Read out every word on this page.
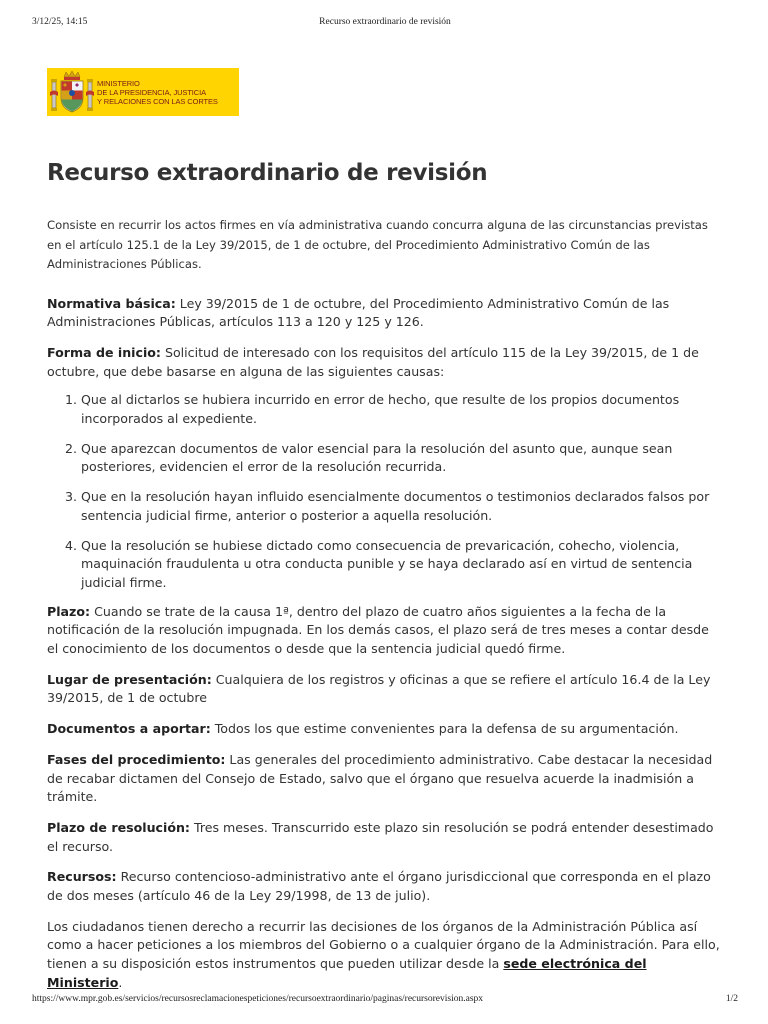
3/12/25, 14:15	Recurso extraordinario de revisión
MINISTERIO
DE LA PRESIDENCIA, JUSTICIA
Y RELACIONES CON LAS CORTES
Recurso extraordinario de revisión

Consiste en recurrir los actos firmes en vía administrativa cuando concurra alguna de las circunstancias previstas en el artículo 125.1 de la Ley 39/2015, de 1 de octubre, del Procedimiento Administrativo Común de las Administraciones Públicas.

Normativa básica: Ley 39/2015 de 1 de octubre, del Procedimiento Administrativo Común de las Administraciones Públicas, artículos 113 a 120 y 125 y 126.

Forma de inicio: Solicitud de interesado con los requisitos del artículo 115 de la Ley 39/2015, de 1 de octubre, que debe basarse en alguna de las siguientes causas:

1. Que al dictarlos se hubiera incurrido en error de hecho, que resulte de los propios documentos incorporados al expediente.
2. Que aparezcan documentos de valor esencial para la resolución del asunto que, aunque sean posteriores, evidencien el error de la resolución recurrida.
3. Que en la resolución hayan influido esencialmente documentos o testimonios declarados falsos por sentencia judicial firme, anterior o posterior a aquella resolución.
4. Que la resolución se hubiese dictado como consecuencia de prevaricación, cohecho, violencia, maquinación fraudulenta u otra conducta punible y se haya declarado así en virtud de sentencia judicial firme.

Plazo: Cuando se trate de la causa 1ª, dentro del plazo de cuatro años siguientes a la fecha de la notificación de la resolución impugnada. En los demás casos, el plazo será de tres meses a contar desde el conocimiento de los documentos o desde que la sentencia judicial quedó firme.

Lugar de presentación: Cualquiera de los registros y oficinas a que se refiere el artículo 16.4 de la Ley 39/2015, de 1 de octubre

Documentos a aportar: Todos los que estime convenientes para la defensa de su argumentación.

Fases del procedimiento: Las generales del procedimiento administrativo. Cabe destacar la necesidad de recabar dictamen del Consejo de Estado, salvo que el órgano que resuelva acuerde la inadmisión a trámite.

Plazo de resolución: Tres meses. Transcurrido este plazo sin resolución se podrá entender desestimado el recurso.

Recursos: Recurso contencioso-administrativo ante el órgano jurisdiccional que corresponda en el plazo de dos meses (artículo 46 de la Ley 29/1998, de 13 de julio).

Los ciudadanos tienen derecho a recurrir las decisiones de los órganos de la Administración Pública así como a hacer peticiones a los miembros del Gobierno o a cualquier órgano de la Administración. Para ello, tienen a su disposición estos instrumentos que pueden utilizar desde la sede electrónica del Ministerio.

https://www.mpr.gob.es/servicios/recursosreclamacionespeticiones/recursoextraordinario/paginas/recursorevision.aspx	1/2
